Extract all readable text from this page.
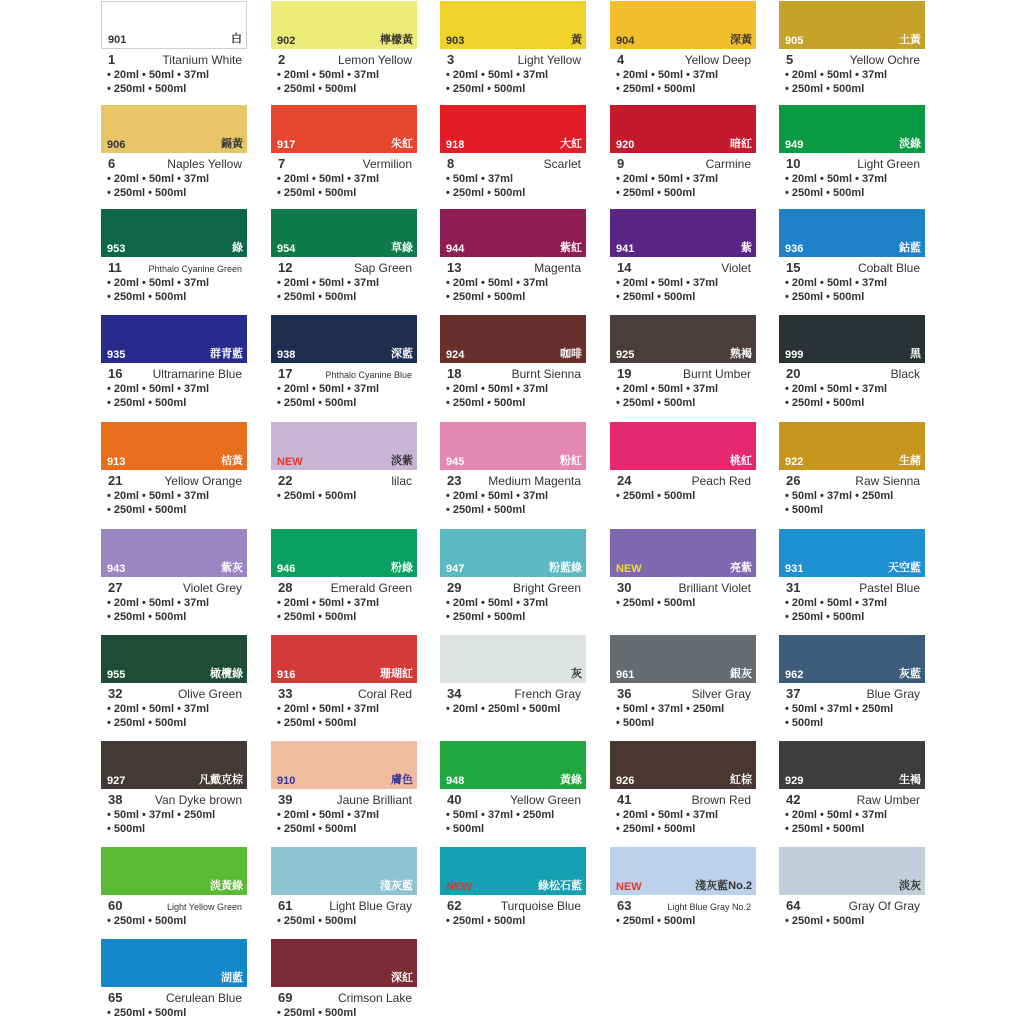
901	白
1	Titanium White
• 20ml • 50ml • 37ml
• 250ml • 500ml
902	檸檬黃
2	Lemon Yellow
• 20ml • 50ml • 37ml
• 250ml • 500ml
903	黃
3	Light Yellow
• 20ml • 50ml • 37ml
• 250ml • 500ml
904	深黃
4	Yellow Deep
• 20ml • 50ml • 37ml
• 250ml • 500ml
905	土黃
5	Yellow Ochre
• 20ml • 50ml • 37ml
• 250ml • 500ml
906	鎘黃
6	Naples Yellow
• 20ml • 50ml • 37ml
• 250ml • 500ml
917	朱紅
7	Vermilion
• 20ml • 50ml • 37ml
• 250ml • 500ml
918	大紅
8	Scarlet
• 50ml • 37ml
• 250ml • 500ml
920	暗紅
9	Carmine
• 20ml • 50ml • 37ml
• 250ml • 500ml
949	淡綠
10	Light Green
• 20ml • 50ml • 37ml
• 250ml • 500ml
953	綠
11	Phthalo Cyanine Green
• 20ml • 50ml • 37ml
• 250ml • 500ml
954	草綠
12	Sap Green
• 20ml • 50ml • 37ml
• 250ml • 500ml
944	紫紅
13	Magenta
• 20ml • 50ml • 37ml
• 250ml • 500ml
941	紫
14	Violet
• 20ml • 50ml • 37ml
• 250ml • 500ml
936	鈷藍
15	Cobalt Blue
• 20ml • 50ml • 37ml
• 250ml • 500ml
935	群青藍
16	Ultramarine Blue
• 20ml • 50ml • 37ml
• 250ml • 500ml
938	深藍
17	Phthalo Cyanine Blue
• 20ml • 50ml • 37ml
• 250ml • 500ml
924	咖啡
18	Burnt Sienna
• 20ml • 50ml • 37ml
• 250ml • 500ml
925	熟褐
19	Burnt Umber
• 20ml • 50ml • 37ml
• 250ml • 500ml
999	黑
20	Black
• 20ml • 50ml • 37ml
• 250ml • 500ml
913	桔黃
21	Yellow Orange
• 20ml • 50ml • 37ml
• 250ml • 500ml
NEW	淡紫
22	lilac
• 250ml • 500ml
945	粉紅
23	Medium Magenta
• 20ml • 50ml • 37ml
• 250ml • 500ml
桃紅
24	Peach Red
• 250ml • 500ml
922	生赭
26	Raw Sienna
• 50ml • 37ml • 250ml
• 500ml
943	紫灰
27	Violet Grey
• 20ml • 50ml • 37ml
• 250ml • 500ml
946	粉綠
28	Emerald Green
• 20ml • 50ml • 37ml
• 250ml • 500ml
947	粉藍綠
29	Bright Green
• 20ml • 50ml • 37ml
• 250ml • 500ml
NEW	亮紫
30	Brilliant Violet
• 250ml • 500ml
931	天空藍
31	Pastel Blue
• 20ml • 50ml • 37ml
• 250ml • 500ml
955	橄欖綠
32	Olive Green
• 20ml • 50ml • 37ml
• 250ml • 500ml
916	珊瑚紅
33	Coral Red
• 20ml • 50ml • 37ml
• 250ml • 500ml
灰
34	French Gray
• 20ml • 250ml • 500ml
961	銀灰
36	Silver Gray
• 50ml • 37ml • 250ml
• 500ml
962	灰藍
37	Blue Gray
• 50ml • 37ml • 250ml
• 500ml
927	凡戴克棕
38	Van Dyke brown
• 50ml • 37ml • 250ml
• 500ml
910	膚色
39	Jaune Brilliant
• 20ml • 50ml • 37ml
• 250ml • 500ml
948	黃綠
40	Yellow Green
• 50ml • 37ml • 250ml
• 500ml
926	紅棕
41	Brown Red
• 20ml • 50ml • 37ml
• 250ml • 500ml
929	生褐
42	Raw Umber
• 20ml • 50ml • 37ml
• 250ml • 500ml
淡黃綠
60	Light Yellow Green
• 250ml • 500ml
淺灰藍
61	Light Blue Gray
• 250ml • 500ml
NEW	綠松石藍
62	Turquoise Blue
• 250ml • 500ml
NEW	淺灰藍No.2
63	Light Blue Gray No.2
• 250ml • 500ml
淡灰
64	Gray Of Gray
• 250ml • 500ml
湖藍
65	Cerulean Blue
• 250ml • 500ml
深紅
69	Crimson Lake
• 250ml • 500ml
